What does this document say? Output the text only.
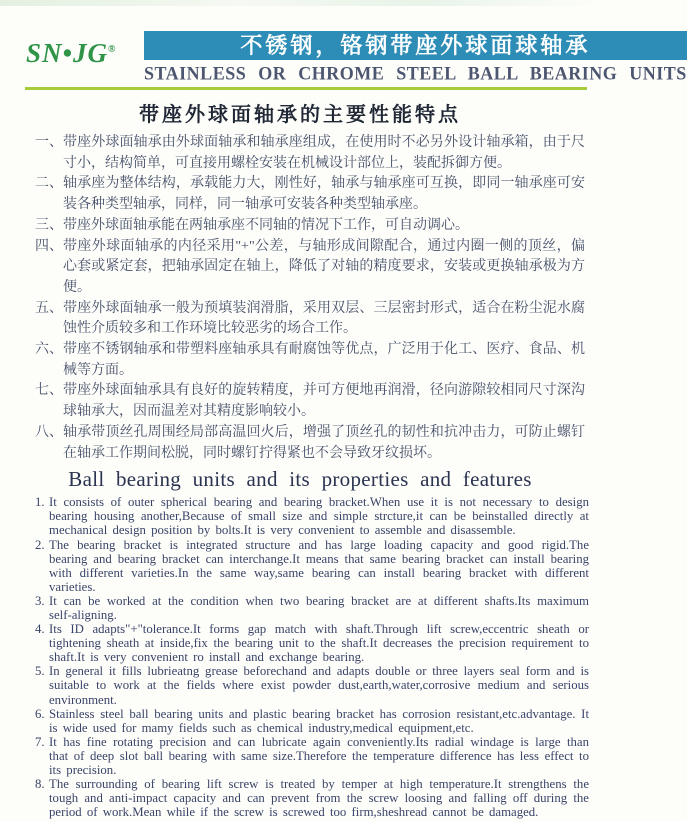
SN•JG®	不锈钢，铬钢带座外球面球轴承
STAINLESS OR CHROME STEEL BALL BEARING UNITS
带座外球面轴承的主要性能特点
一、 带座外球面轴承由外球面轴承和轴承座组成，在使用时不必另外设计轴承箱，由于尺寸小，结构简单，可直接用螺栓安装在机械设计部位上，装配拆御方便。
二、 轴承座为整体结构，承载能力大，刚性好，轴承与轴承座可互换，即同一轴承座可安装各种类型轴承，同样，同一轴承可安装各种类型轴承座。
三、 带座外球面轴承能在两轴承座不同轴的情况下工作，可自动调心。
四、 带座外球面轴承的内径采用"+"公差，与轴形成间隙配合，通过内圈一侧的顶丝，偏心套或紧定套，把轴承固定在轴上，降低了对轴的精度要求，安装或更换轴承极为方便。
五、 带座外球面轴承一般为预填装润滑脂，采用双层、三层密封形式，适合在粉尘泥水腐蚀性介质较多和工作环境比较恶劣的场合工作。
六、 带座不锈钢轴承和带塑料座轴承具有耐腐蚀等优点，广泛用于化工、医疗、食品、机械等方面。
七、 带座外球面轴承具有良好的旋转精度，并可方便地再润滑，径向游隙较相同尺寸深沟球轴承大，因而温差对其精度影响较小。
八、 轴承带顶丝孔周围经局部高温回火后，增强了顶丝孔的韧性和抗冲击力，可防止螺钉在轴承工作期间松脱，同时螺钉拧得紧也不会导致牙纹损坏。
Ball bearing units and its properties and features
1. It consists of outer spherical bearing and bearing bracket.When use it is not necessary to design bearing housing another,Because of small size and simple strcture,it can be beinstalled directly at mechanical design position by bolts.It is very convenient to assemble and disassemble.
2. The bearing bracket is integrated structure and has large loading capacity and good rigid.The bearing and bearing bracket can interchange.It means that same bearing bracket can install bearing with different varieties.In the same way,same bearing can install bearing bracket with different varieties.
3. It can be worked at the condition when two bearing bracket are at different shafts.Its maximum self-aligning.
4. Its ID adapts"+"tolerance.It forms gap match with shaft.Through lift screw,eccentric sheath or tightening sheath at inside,fix the bearing unit to the shaft.It decreases the precision requirement to shaft.It is very convenient ro install and exchange bearing.
5. In general it fills lubrieatng grease beforechand and adapts double or three layers seal form and is suitable to work at the fields where exist powder dust,earth,water,corrosive medium and serious environment.
6. Stainless steel ball bearing units and plastic bearing bracket has corrosion resistant,etc.advantage. It is wide used for mamy fields such as chemical industry,medical equipment,etc.
7. It has fine rotating precision and can lubricate again conveniently.Its radial windage is large than that of deep slot ball bearing with same size.Therefore the temperature difference has less effect to its precision.
8. The surrounding of bearing lift screw is treated by temper at high temperature.It strengthens the tough and anti-impact capacity and can prevent from the screw loosing and falling off during the period of work.Mean while if the screw is screwed too firm,sheshread cannot be damaged.
